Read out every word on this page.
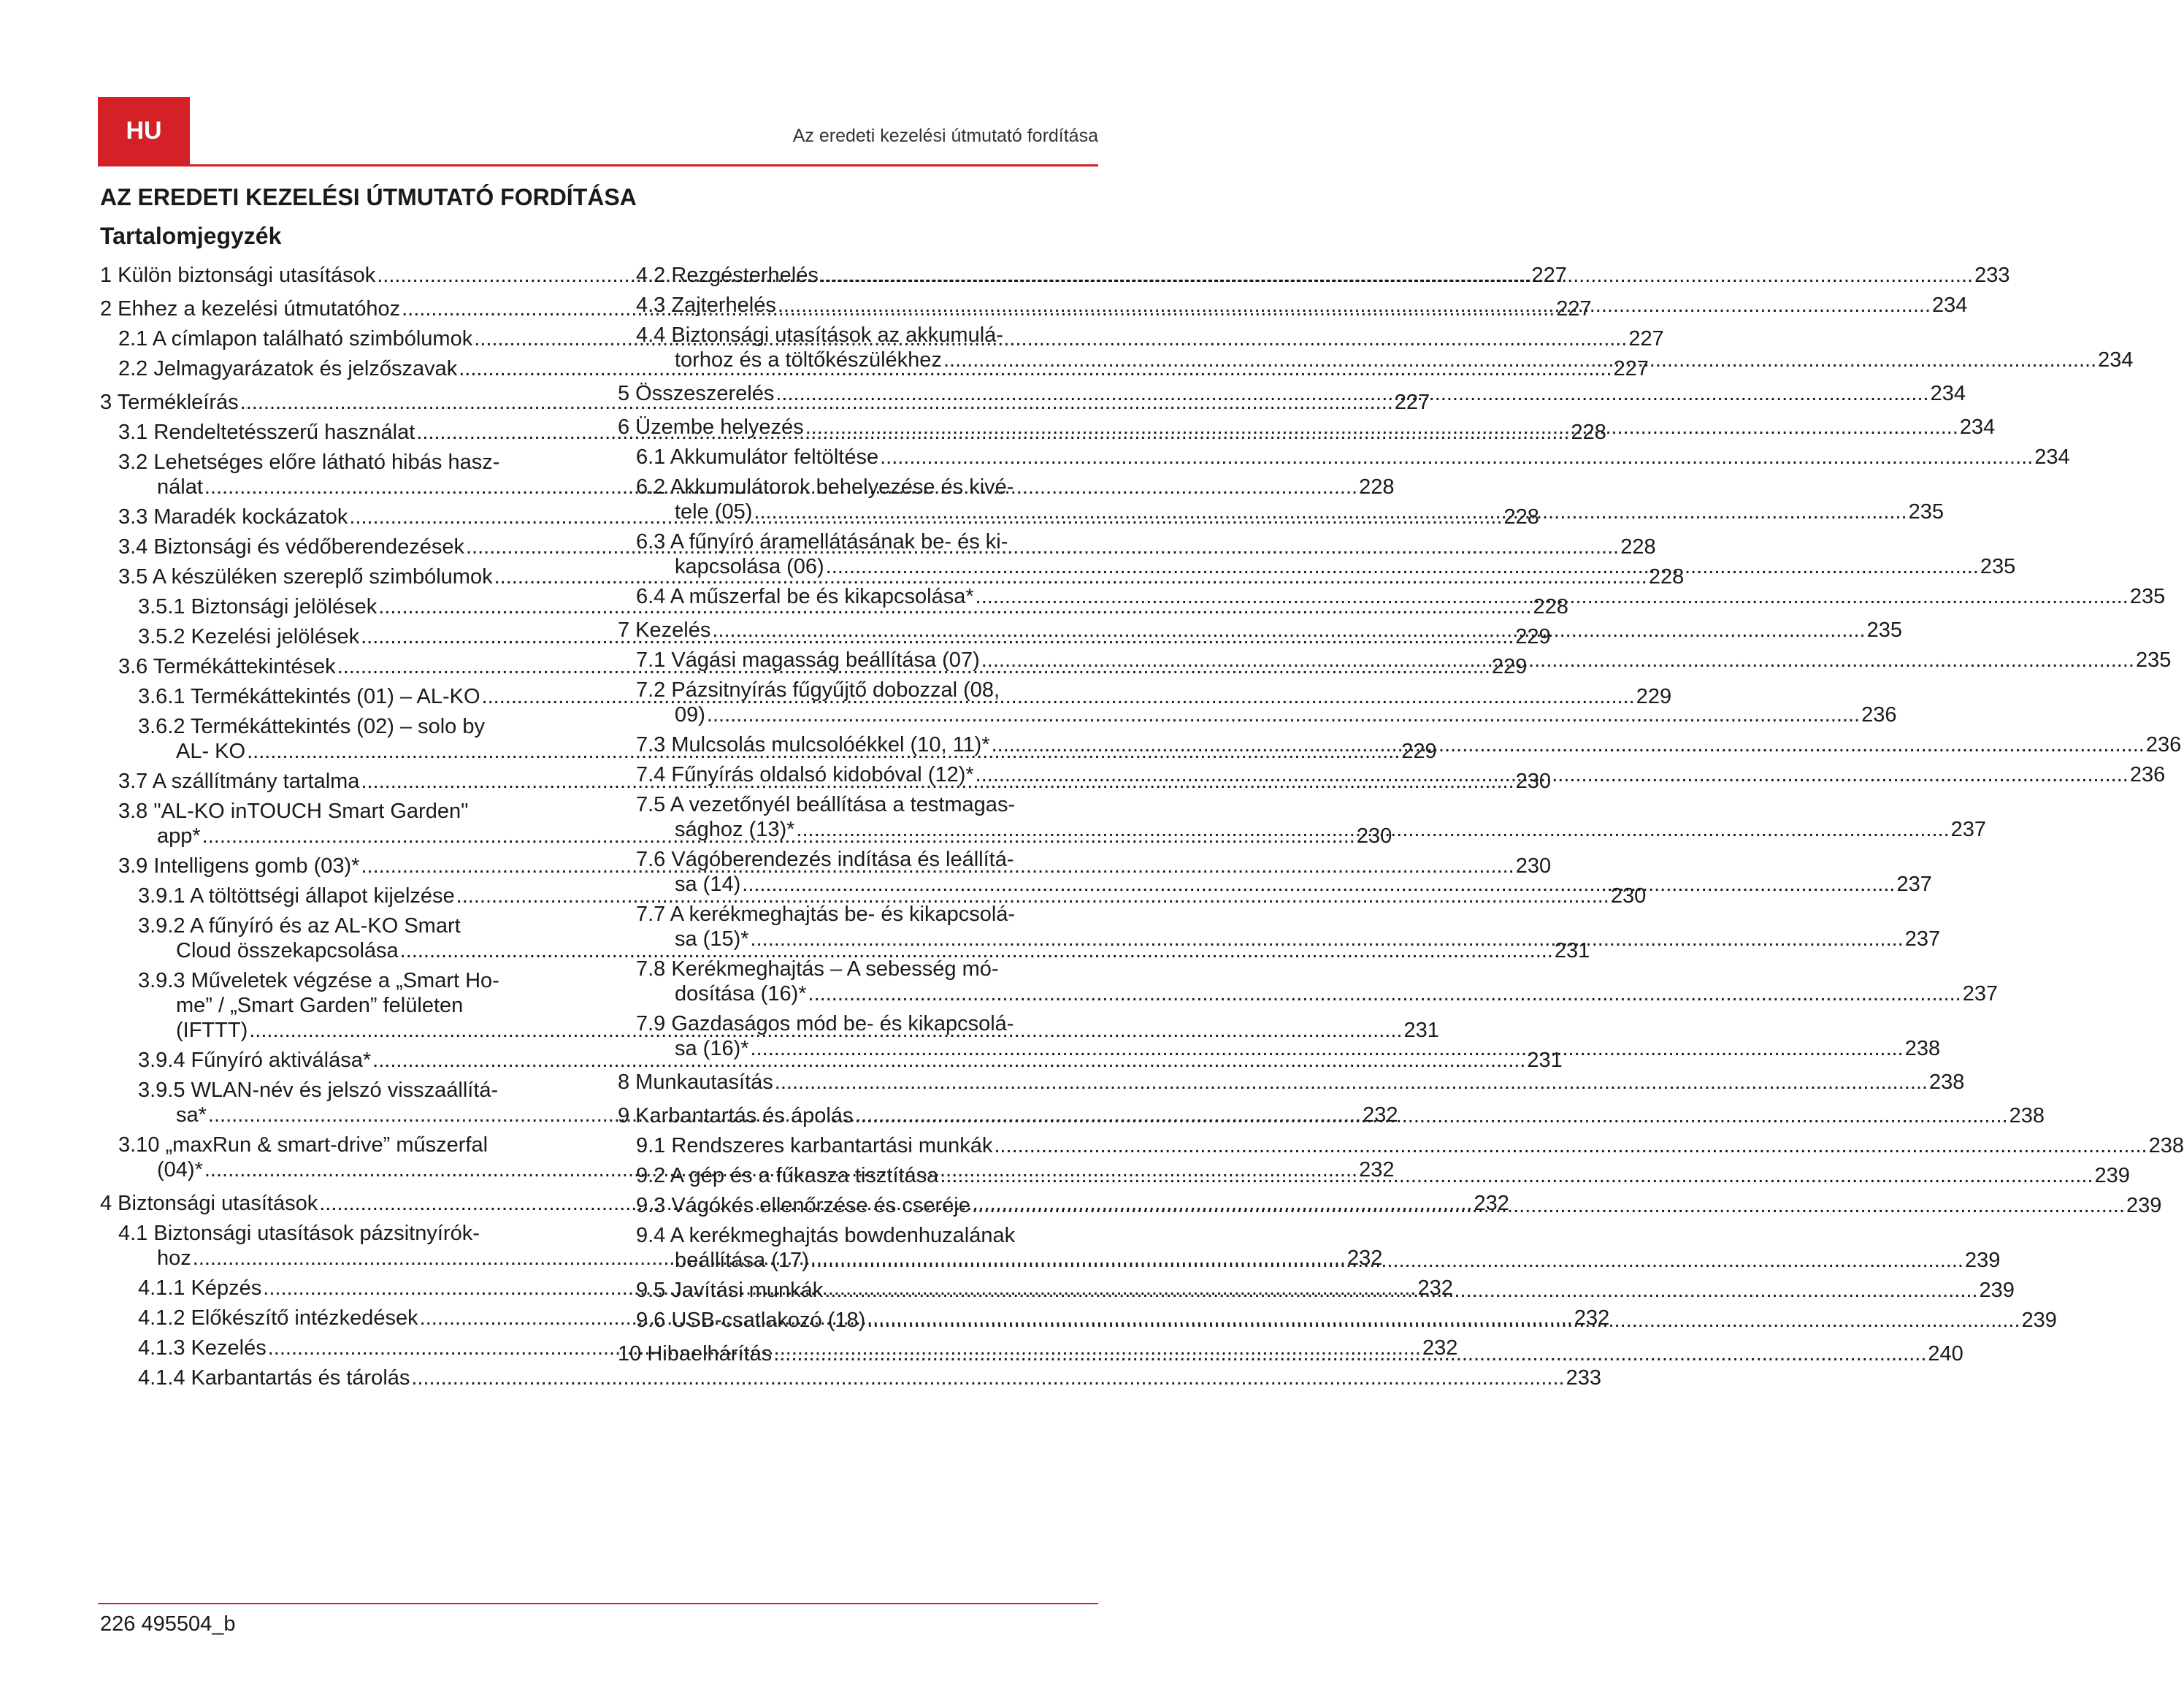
HU	Az eredeti kezelési útmutató fordítása
AZ EREDETI KEZELÉSI ÚTMUTATÓ FORDÍTÁSA
Tartalomjegyzék
1 Külön biztonsági utasítások .....	227
2 Ehhez a kezelési útmutatóhoz .....	227
2.1 A címlapon található szimbólumok .....	227
2.2 Jelmagyarázatok és jelzőszavak .....	227
3 Termékleírás .....	227
3.1 Rendeltetésszerű használat .....	228
3.2 Lehetséges előre látható hibás hasz-
nálat .....	228
3.3 Maradék kockázatok .....	228
3.4 Biztonsági és védőberendezések .....	228
3.5 A készüléken szereplő szimbólumok .....	228
3.5.1 Biztonsági jelölések .....	228
3.5.2 Kezelési jelölések .....	229
3.6 Termékáttekintések .....	229
3.6.1 Termékáttekintés (01) – AL-KO .....	229
3.6.2 Termékáttekintés (02) – solo by
AL- KO .....	229
3.7 A szállítmány tartalma .....	230
3.8 "AL-KO inTOUCH Smart Garden"
app* .....	230
3.9 Intelligens gomb (03)* .....	230
3.9.1 A töltöttségi állapot kijelzése .....	230
3.9.2 A fűnyíró és az AL-KO Smart
Cloud összekapcsolása .....	231
3.9.3 Műveletek végzése a „Smart Ho-
me” / „Smart Garden” felületen
(IFTTT) .....	231
3.9.4 Fűnyíró aktiválása* .....	231
3.9.5 WLAN-név és jelszó visszaállítá-
sa* .....	232
3.10 „maxRun & smart-drive” műszerfal
(04)* .....	232
4 Biztonsági utasítások .....	232
4.1 Biztonsági utasítások pázsitnyírók-
hoz .....	232
4.1.1 Képzés .....	232
4.1.2 Előkészítő intézkedések .....	232
4.1.3 Kezelés .....	232
4.1.4 Karbantartás és tárolás .....	233
4.2 Rezgésterhelés .....	233
4.3 Zajterhelés .....	234
4.4 Biztonsági utasítások az akkumulá-
torhoz és a töltőkészülékhez .....	234
5 Összeszerelés .....	234
6 Üzembe helyezés .....	234
6.1 Akkumulátor feltöltése .....	234
6.2 Akkumulátorok behelyezése és kivé-
tele (05) .....	235
6.3 A fűnyíró áramellátásának be- és ki-
kapcsolása (06) .....	235
6.4 A műszerfal be és kikapcsolása* .....	235
7 Kezelés .....	235
7.1 Vágási magasság beállítása (07) .....	235
7.2 Pázsitnyírás fűgyűjtő dobozzal (08,
09) .....	236
7.3 Mulcsolás mulcsolóékkel (10, 11)* .....	236
7.4 Fűnyírás oldalsó kidobóval (12)* .....	236
7.5 A vezetőnyél beállítása a testmagas-
sághoz (13)* .....	237
7.6 Vágóberendezés indítása és leállítá-
sa (14) .....	237
7.7 A kerékmeghajtás be- és kikapcsolá-
sa (15)* .....	237
7.8 Kerékmeghajtás – A sebesség mó-
dosítása (16)* .....	237
7.9 Gazdaságos mód be- és kikapcsolá-
sa (16)* .....	238
8 Munkautasítás .....	238
9 Karbantartás és ápolás .....	238
9.1 Rendszeres karbantartási munkák .....	238
9.2 A gép és a fűkasza tisztítása .....	239
9.3 Vágókés ellenőrzése és cseréje .....	239
9.4 A kerékmeghajtás bowdenhuzalának
beállítása (17) .....	239
9.5 Javítási munkák .....	239
9.6 USB-csatlakozó (18) .....	239
10 Hibaelhárítás .....	240
226 495504_b
